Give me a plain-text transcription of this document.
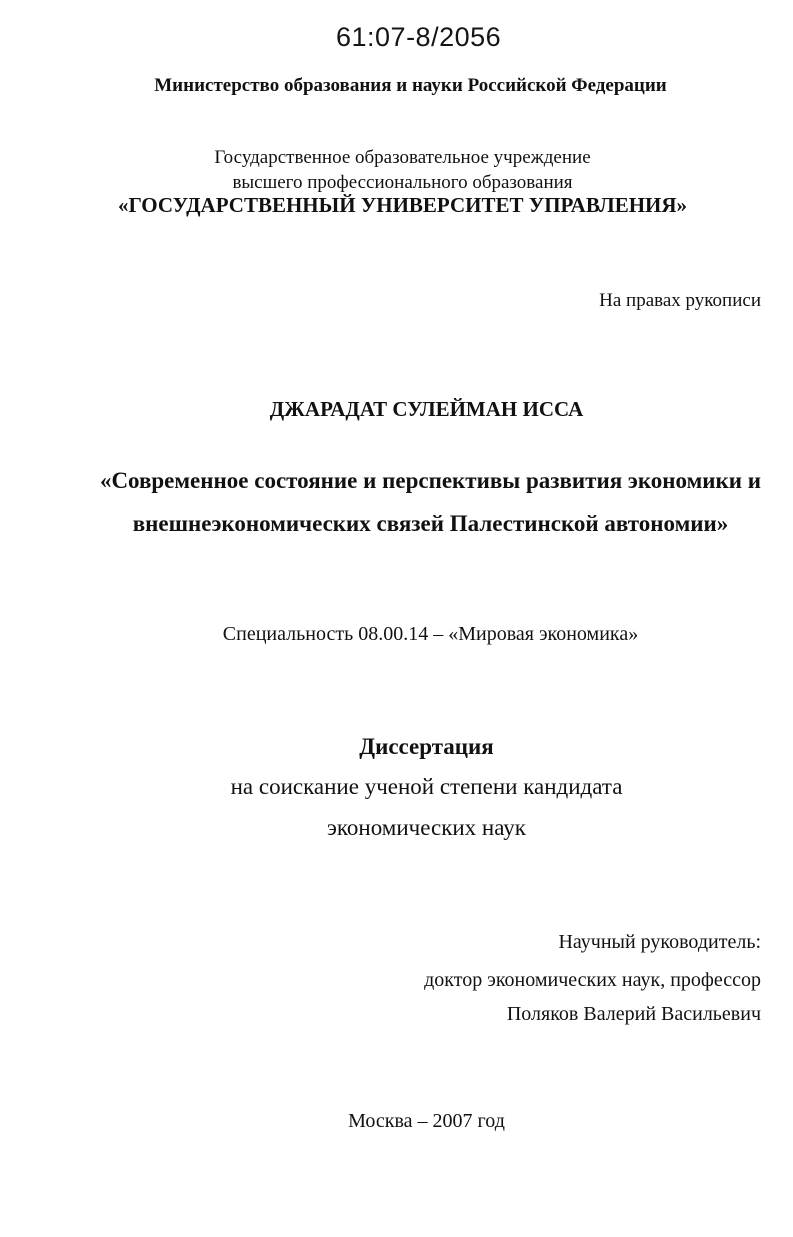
61:07-8/2056
Министерство образования и науки Российской Федерации
Государственное образовательное учреждение
высшего профессионального образования
«ГОСУДАРСТВЕННЫЙ УНИВЕРСИТЕТ УПРАВЛЕНИЯ»
На правах рукописи
ДЖАРАДАТ СУЛЕЙМАН ИССА
«Современное состояние и перспективы развития экономики и
внешнеэкономических связей Палестинской автономии»
Специальность 08.00.14 – «Мировая экономика»
Диссертация
на соискание ученой степени кандидата
экономических наук
Научный руководитель:
доктор экономических наук, профессор
Поляков Валерий Васильевич
Москва – 2007 год
